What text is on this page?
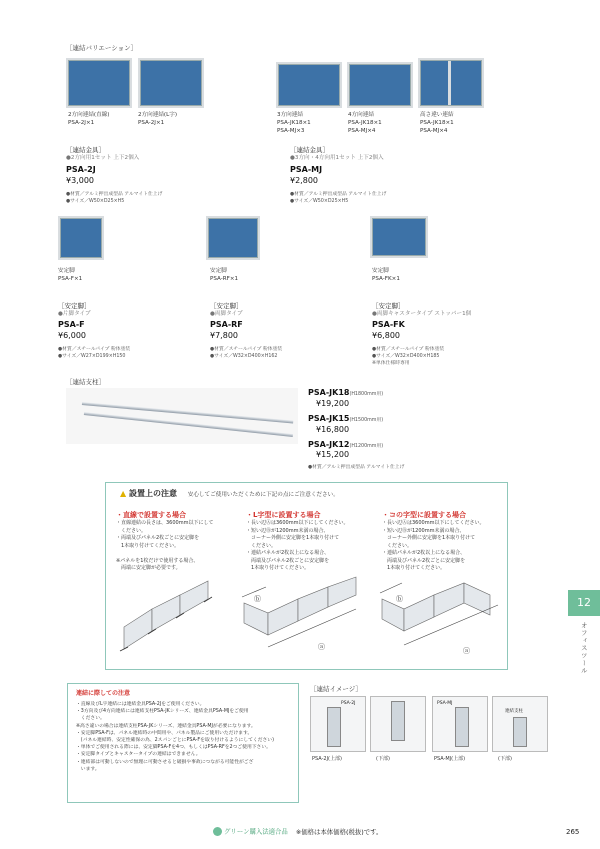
［連結バリエーション］
2方向連結(直線)
PSA-2J×1
2方向連結(L字)
PSA-2J×1
3方向連結
PSA-JK18×1
PSA-MJ×3
4方向連結
PSA-JK18×1
PSA-MJ×4
高さ違い連結
PSA-JK18×1
PSA-MJ×4
［連結金具］
●2方向用1セット 上下2個入
PSA-2J
¥3,000
●材質／アルミ押出成型品 アルマイト仕上げ
●サイズ／W50×D25×H5
［連結金具］
●3方向・4方向用1セット 上下2個入
PSA-MJ
¥2,800
●材質／アルミ押出成型品 アルマイト仕上げ
●サイズ／W50×D25×H5
安定脚
PSA-F×1
安定脚
PSA-RF×1
安定脚
PSA-FK×1
［安定脚］
●片脚タイプ
PSA-F
¥6,000
●材質／スチールパイプ 粉体塗装
●サイズ／W27×D199×H150
［安定脚］
●両脚タイプ
PSA-RF
¥7,800
●材質／スチールパイプ 粉体塗装
●サイズ／W32×D400×H162
［安定脚］
●両脚キャスタータイプ ストッパー1個
PSA-FK
¥6,800
●材質／スチールパイプ 粉体塗装
●サイズ／W32×D400×H185
※単体仕様時専用
［連結支柱］
PSA-JK18(H1800mm用)
¥19,200
PSA-JK15(H1500mm用)
¥16,800
PSA-JK12(H1200mm用)
¥15,200
●材質／アルミ押出成型品 アルマイト仕上げ
▲ 設置上の注意 安心してご使用いただくために下記の点にご注意ください。
・直線で設置する場合
・直線連結の長さは、3600mm以下にして
　ください。
・両端及びパネル2枚ごとに安定脚を
　1本取り付けてください。

※パネルを1枚だけで使用する場合、
　両端に安定脚が必要です。
・L字型に設置する場合
・長い辺Ⓐは3600mm以下にしてください。
・短い辺Ⓑが1200mm未満の場合、
　コーナー外側に安定脚を1本取り付けて
　ください。
・連結パネルが2枚以上になる場合、
　両端及びパネル2枚ごとに安定脚を
　1本取り付けてください。
・コの字型に設置する場合
・長い辺Ⓐは3600mm以下にしてください。
・短い辺Ⓑが1200mm未満の場合、
　コーナー外側に安定脚を1本取り付けて
　ください。
・連結パネルが2枚以上になる場合、
　両端及びパネル2枚ごとに安定脚を
　1本取り付けてください。
ⓑ
ⓐ
ⓑ
ⓐ
連結に際しての注意
・直線及びL字連結には連結金具PSA-2Jをご使用ください。
・3方向及び4方向連結には連結支柱PSA-JKシリーズ、連結金具PSA-MJをご使用
　ください。
※高さ違いの場合は連結支柱PSA-JKシリーズ、連結金具PSA-MJが必要になります。
・安定脚PSA-Fは、パネル連結時の中間用や、パネル製品にご使用いただけます。
　(パネル連結時、安定性確保の為、2スパンごとにPSA-Fを取り付けるようにしてください)
・単体でご使用される際には、安定脚PSA-Fを4つ、もしくはPSA-RFを2つご使用下さい。
・安定脚タイプとキャスタータイプの連結はできません。
・連結部は可動しないので無理に可動させると破損や事故につながる可能性がござ
　います。
［連結イメージ］
PSA-2J	PSA-MJ
連結支柱
PSA-2J(上部)	(下部)	PSA-MJ(上部)	(下部)
12
オフィスツール
グリーン購入法適合品 ※価格は本体価格(税抜)です。	265
